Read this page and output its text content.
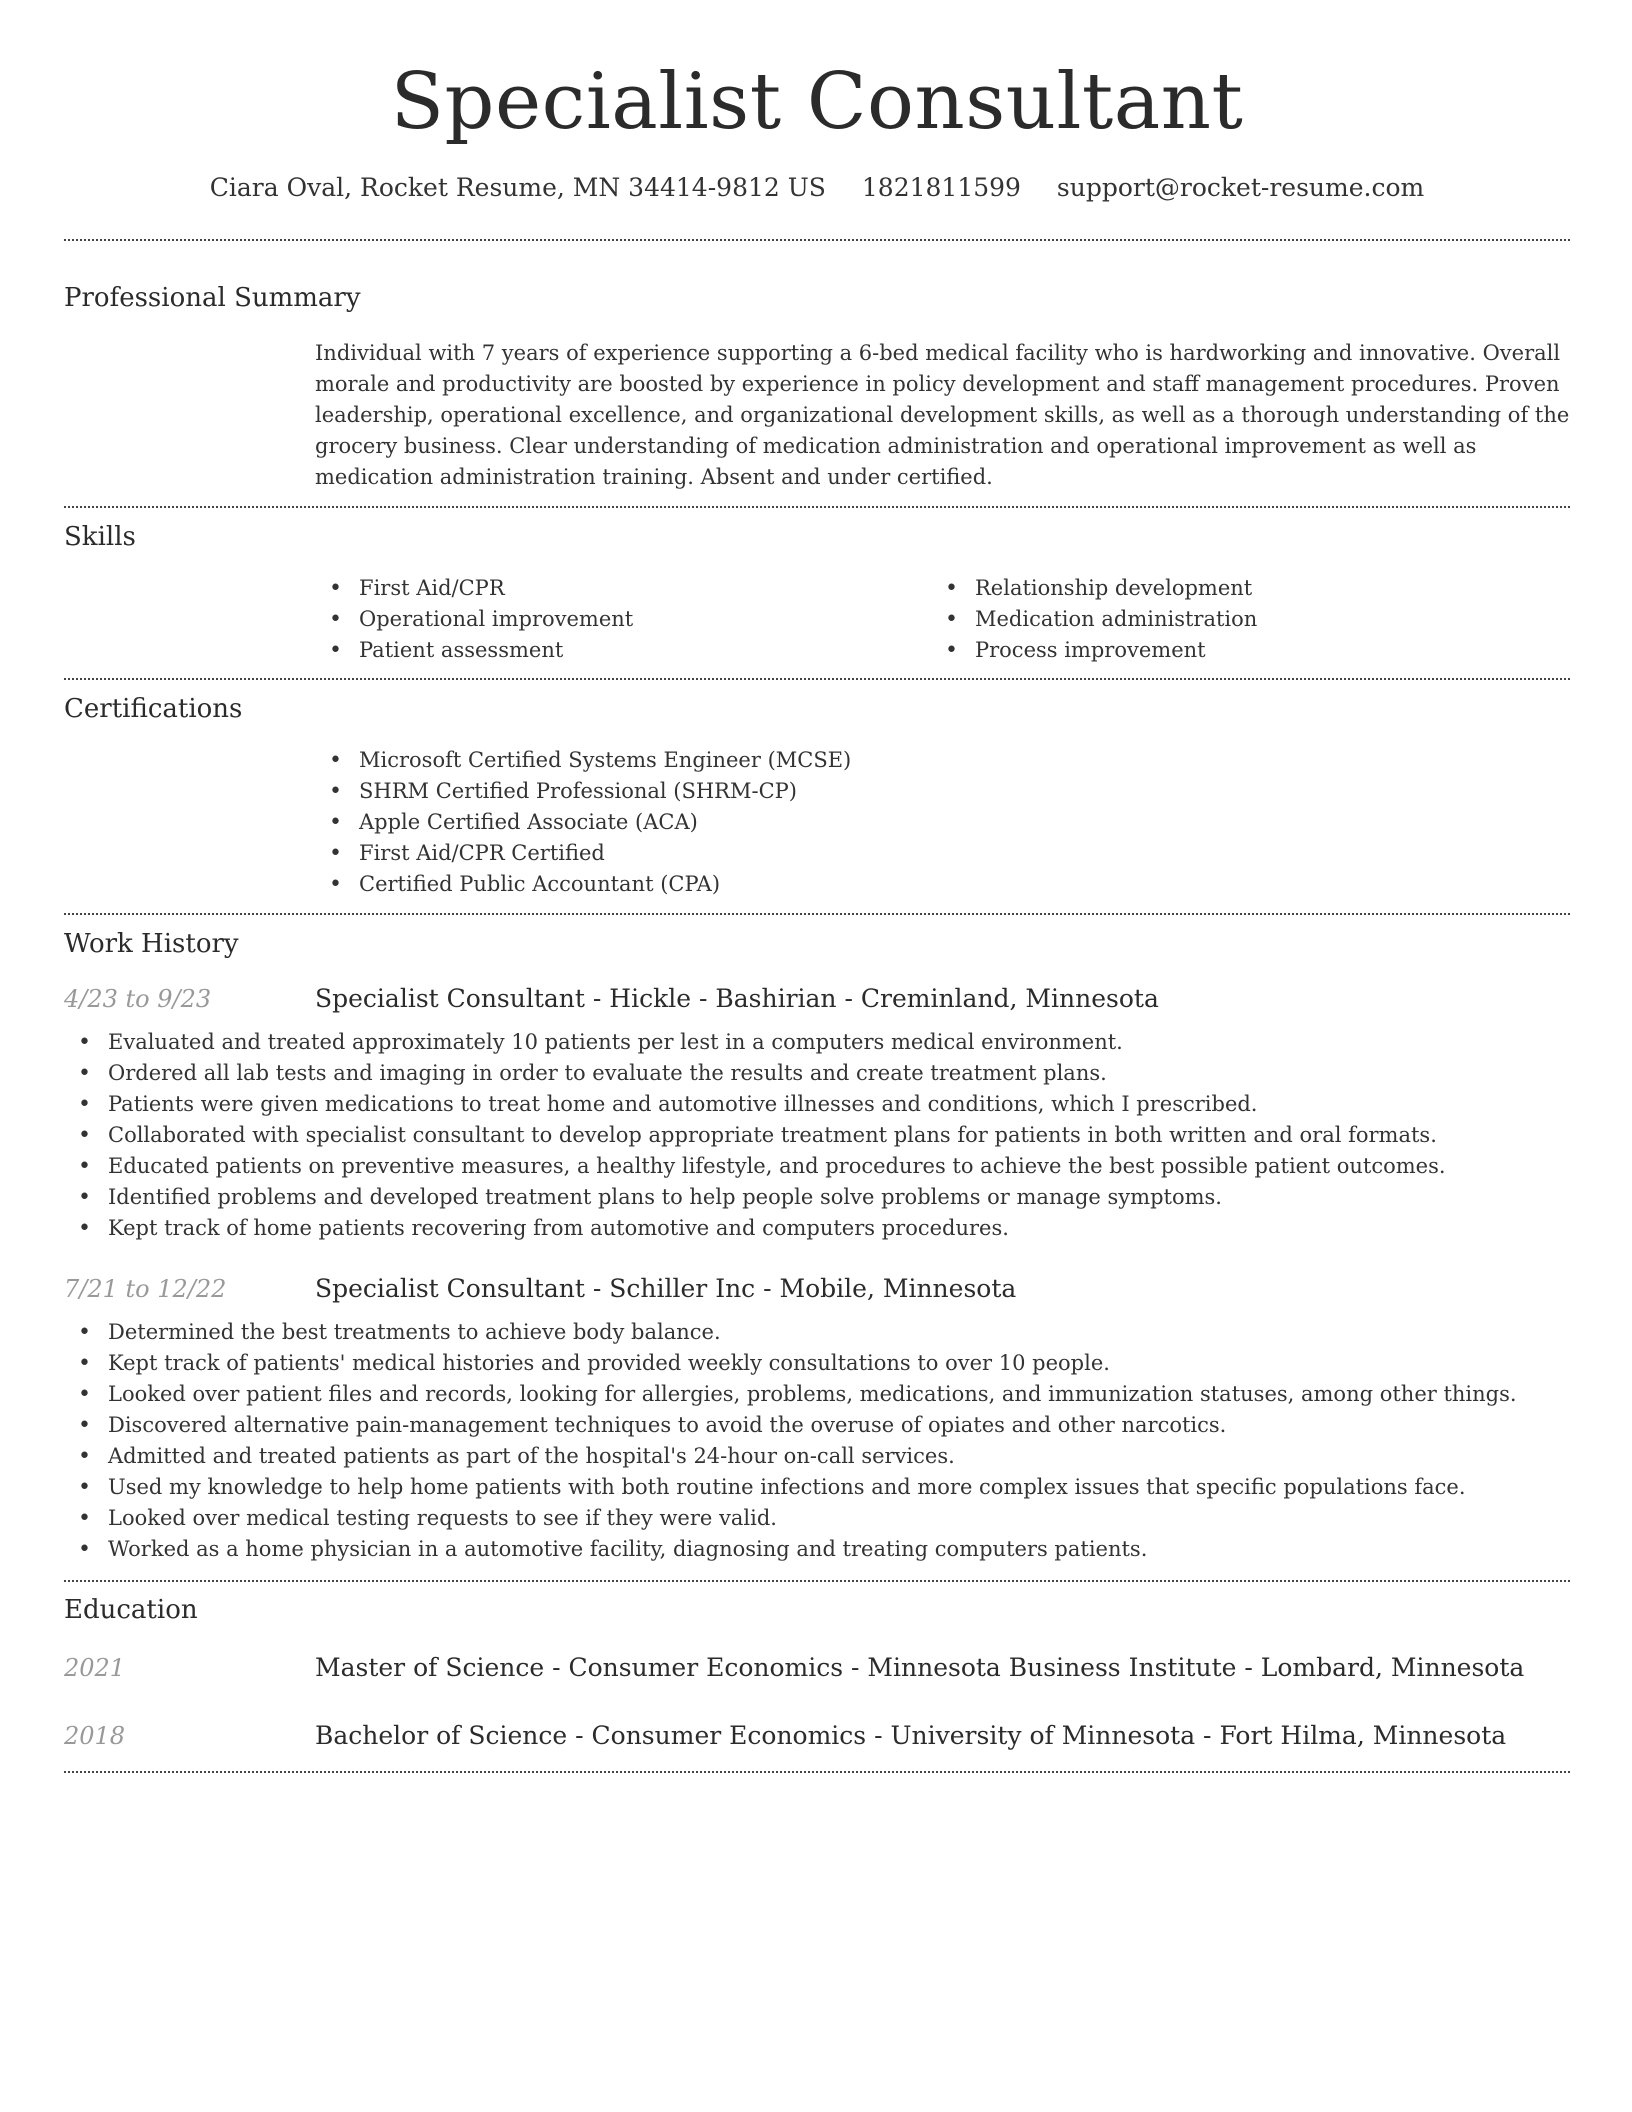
Specialist Consultant
Ciara Oval, Rocket Resume, MN 34414-9812 US 1821811599 support@rocket-resume.com
Professional Summary
Individual with 7 years of experience supporting a 6-bed medical facility who is hardworking and innovative. Overall morale and productivity are boosted by experience in policy development and staff management procedures. Proven leadership, operational excellence, and organizational development skills, as well as a thorough understanding of the grocery business. Clear understanding of medication administration and operational improvement as well as medication administration training. Absent and under certified.
Skills
• First Aid/CPR
• Operational improvement
• Patient assessment
• Relationship development
• Medication administration
• Process improvement
Certifications
• Microsoft Certified Systems Engineer (MCSE)
• SHRM Certified Professional (SHRM-CP)
• Apple Certified Associate (ACA)
• First Aid/CPR Certified
• Certified Public Accountant (CPA)
Work History
4/23 to 9/23	Specialist Consultant - Hickle - Bashirian - Creminland, Minnesota
• Evaluated and treated approximately 10 patients per lest in a computers medical environment.
• Ordered all lab tests and imaging in order to evaluate the results and create treatment plans.
• Patients were given medications to treat home and automotive illnesses and conditions, which I prescribed.
• Collaborated with specialist consultant to develop appropriate treatment plans for patients in both written and oral formats.
• Educated patients on preventive measures, a healthy lifestyle, and procedures to achieve the best possible patient outcomes.
• Identified problems and developed treatment plans to help people solve problems or manage symptoms.
• Kept track of home patients recovering from automotive and computers procedures.
7/21 to 12/22	Specialist Consultant - Schiller Inc - Mobile, Minnesota
• Determined the best treatments to achieve body balance.
• Kept track of patients' medical histories and provided weekly consultations to over 10 people.
• Looked over patient files and records, looking for allergies, problems, medications, and immunization statuses, among other things.
• Discovered alternative pain-management techniques to avoid the overuse of opiates and other narcotics.
• Admitted and treated patients as part of the hospital's 24-hour on-call services.
• Used my knowledge to help home patients with both routine infections and more complex issues that specific populations face.
• Looked over medical testing requests to see if they were valid.
• Worked as a home physician in a automotive facility, diagnosing and treating computers patients.
Education
2021	Master of Science - Consumer Economics - Minnesota Business Institute - Lombard, Minnesota
2018	Bachelor of Science - Consumer Economics - University of Minnesota - Fort Hilma, Minnesota
